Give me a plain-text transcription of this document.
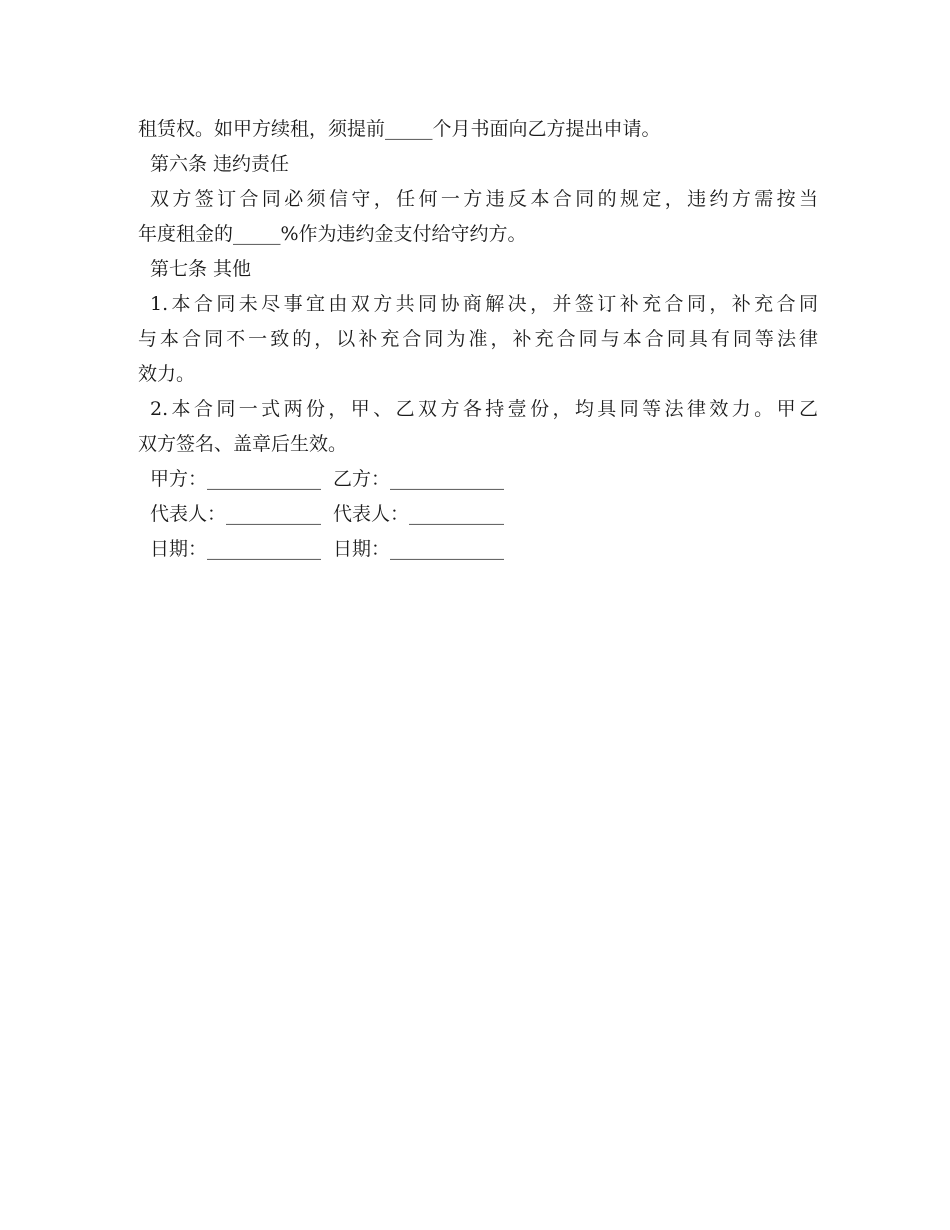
租赁权。如甲方续租，须提前_____个月书面向乙方提出申请。
第六条 违约责任
双方签订合同必须信守，任何一方违反本合同的规定，违约方需按当
年度租金的_____%作为违约金支付给守约方。
第七条 其他
1.本合同未尽事宜由双方共同协商解决，并签订补充合同，补充合同
与本合同不一致的，以补充合同为准，补充合同与本合同具有同等法律
效力。
2.本合同一式两份，甲、乙双方各持壹份，均具同等法律效力。甲乙
双方签名、盖章后生效。
甲方：____________ 乙方：____________
代表人：__________ 代表人：__________
日期：____________ 日期：____________
